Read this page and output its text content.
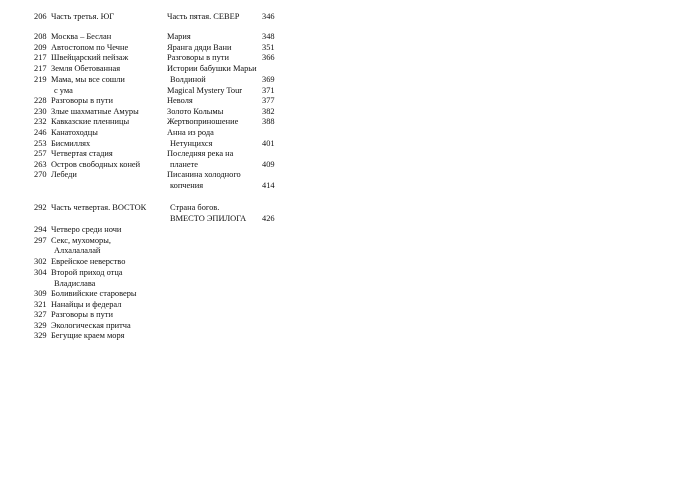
206 Часть третья. ЮГ
208 Москва – Беслан
209 Автостопом по Чечне
217 Швейцарский пейзаж
217 Земля Обетованная
219 Мама, мы все сошли
с ума
228 Разговоры в пути
230 Злые шахматные Амуры
232 Кавказские пленницы
246 Канатоходцы
253 Бисмиллях
257 Четвертая стадия
263 Остров свободных коней
270 Лебеди
292 Часть четвертая. ВОСТОК
294 Четверо среди ночи
297 Секс, мухоморы,
Алхалалалай
302 Еврейское неверство
304 Второй приход отца
Владислава
309 Боливийские староверы
321 Нанайцы и федерал
327 Разговоры в пути
329 Экологическая притча
329 Бегущие краем моря
Часть пятая. СЕВЕР	346
Мария	348
Яранга дяди Вани	351
Разговоры в пути	366
Истории бабушки Марьи
Волдиной	369
Magical Mystery Tour 371
Неволя	377
Золото Колымы	382
Жертвоприношение	388
Анна из рода
Нетунцихся	401
Последняя река на
планете	409
Писанина холодного
копчения	414
Страна богов.
ВМЕСТО ЭПИЛОГА 426
